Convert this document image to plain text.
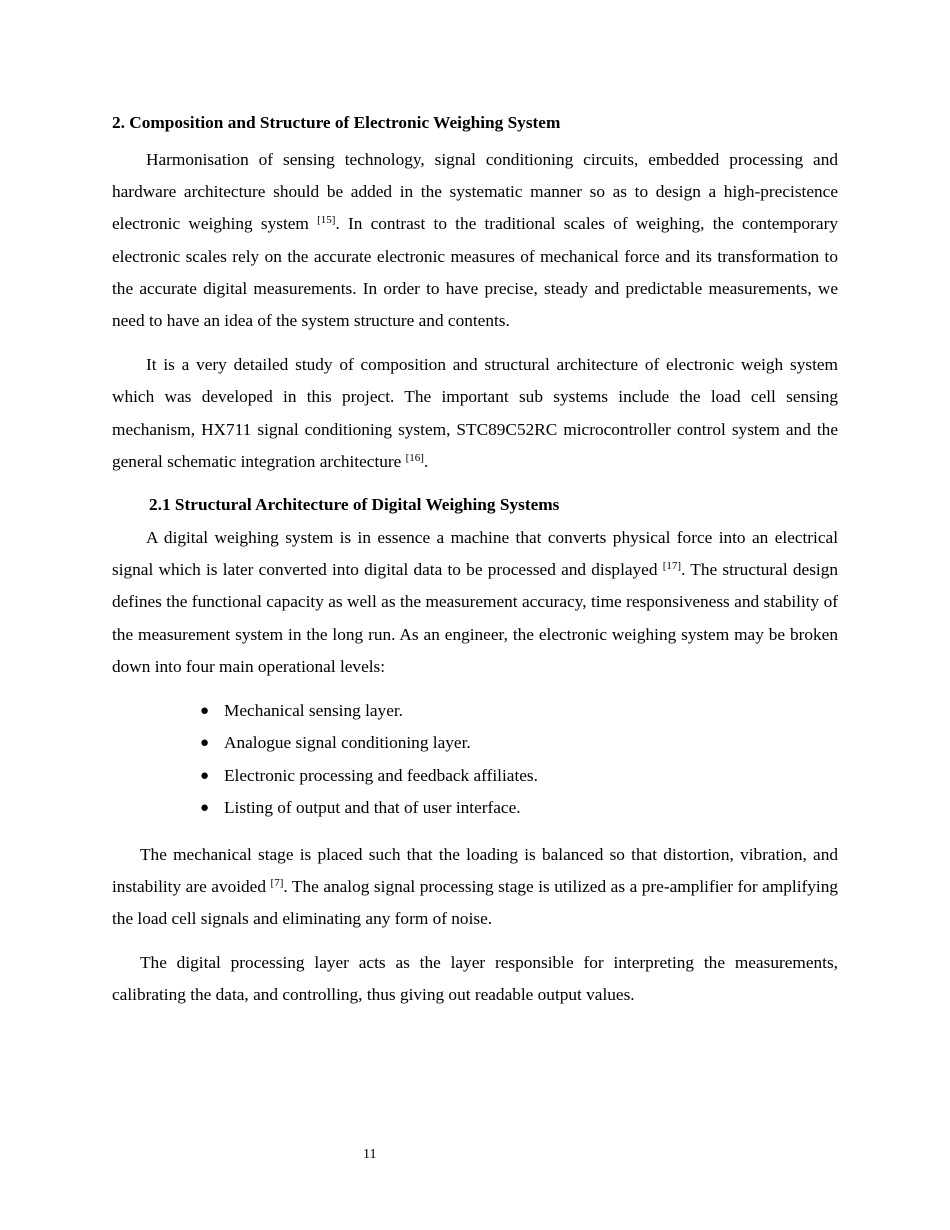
2. Composition and Structure of Electronic Weighing System

Harmonisation of sensing technology, signal conditioning circuits, embedded processing and hardware architecture should be added in the systematic manner so as to design a high-precistence electronic weighing system [15]. In contrast to the traditional scales of weighing, the contemporary electronic scales rely on the accurate electronic measures of mechanical force and its transformation to the accurate digital measurements. In order to have precise, steady and predictable measurements, we need to have an idea of the system structure and contents.

It is a very detailed study of composition and structural architecture of electronic weigh system which was developed in this project. The important sub systems include the load cell sensing mechanism, HX711 signal conditioning system, STC89C52RC microcontroller control system and the general schematic integration architecture [16].

2.1 Structural Architecture of Digital Weighing Systems

A digital weighing system is in essence a machine that converts physical force into an electrical signal which is later converted into digital data to be processed and displayed [17]. The structural design defines the functional capacity as well as the measurement accuracy, time responsiveness and stability of the measurement system in the long run. As an engineer, the electronic weighing system may be broken down into four main operational levels:

● Mechanical sensing layer.
● Analogue signal conditioning layer.
● Electronic processing and feedback affiliates.
● Listing of output and that of user interface.

The mechanical stage is placed such that the loading is balanced so that distortion, vibration, and instability are avoided [7]. The analog signal processing stage is utilized as a pre-amplifier for amplifying the load cell signals and eliminating any form of noise.

The digital processing layer acts as the layer responsible for interpreting the measurements, calibrating the data, and controlling, thus giving out readable output values.

11
